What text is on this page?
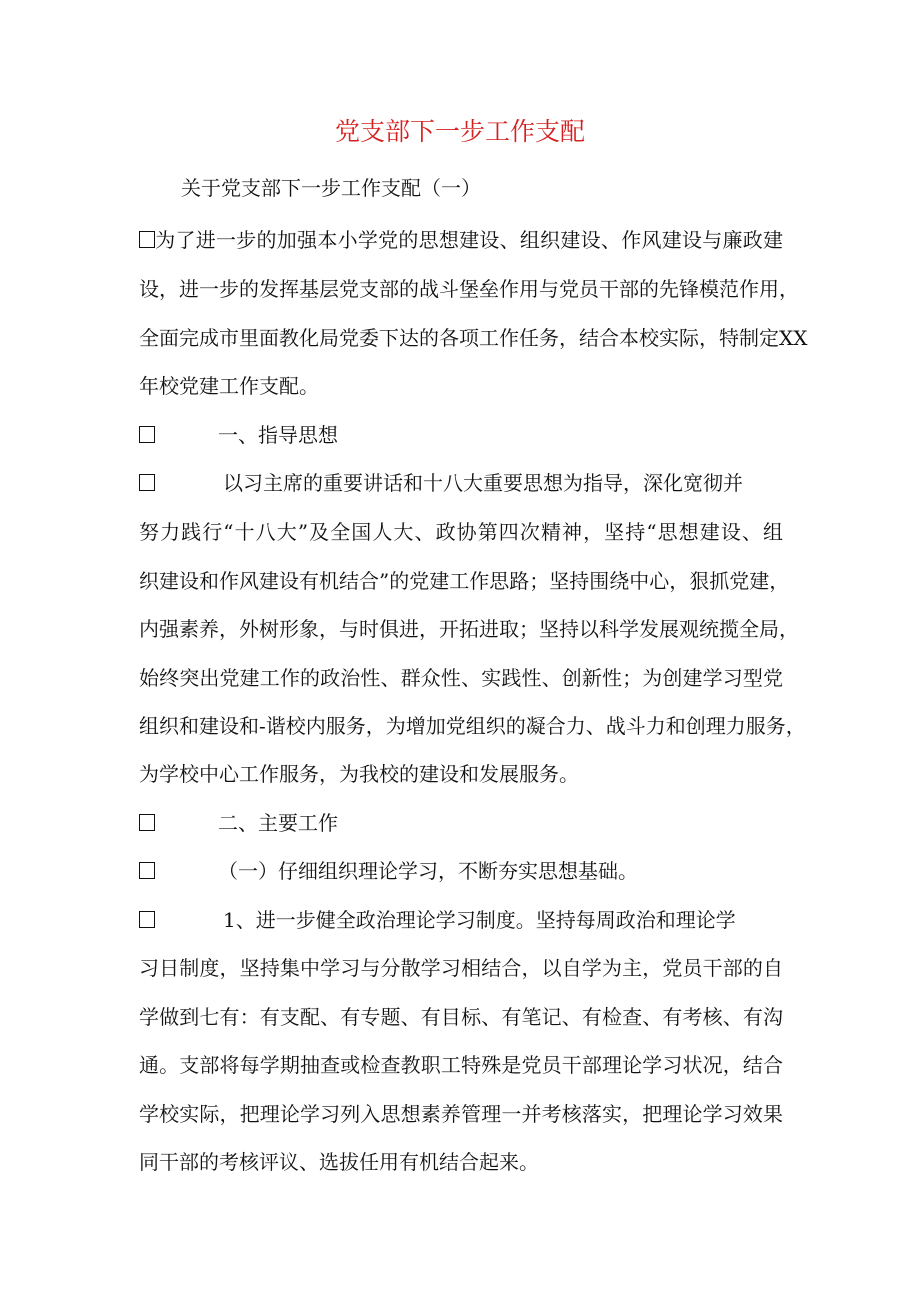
党支部下一步工作支配
关于党支部下一步工作支配（一）
为了进一步的加强本小学党的思想建设、组织建设、作风建设与廉政建
设，进一步的发挥基层党支部的战斗堡垒作用与党员干部的先锋模范作用，
全面完成市里面教化局党委下达的各项工作任务，结合本校实际，特制定XX
年校党建工作支配。
一、指导思想
以习主席的重要讲话和十八大重要思想为指导，深化宽彻并
努力践行“十八大”及全国人大、政协第四次精神，坚持“思想建设、组
织建设和作风建设有机结合”的党建工作思路；坚持围绕中心，狠抓党建，
内强素养，外树形象，与时俱进，开拓进取；坚持以科学发展观统揽全局，
始终突出党建工作的政治性、群众性、实践性、创新性；为创建学习型党
组织和建设和-谐校内服务，为增加党组织的凝合力、战斗力和创理力服务，
为学校中心工作服务，为我校的建设和发展服务。
二、主要工作
（一）仔细组织理论学习，不断夯实思想基础。
1、进一步健全政治理论学习制度。坚持每周政治和理论学
习日制度，坚持集中学习与分散学习相结合，以自学为主，党员干部的自
学做到七有：有支配、有专题、有目标、有笔记、有检查、有考核、有沟
通。支部将每学期抽查或检查教职工特殊是党员干部理论学习状况，结合
学校实际，把理论学习列入思想素养管理一并考核落实，把理论学习效果
同干部的考核评议、选拔任用有机结合起来。
